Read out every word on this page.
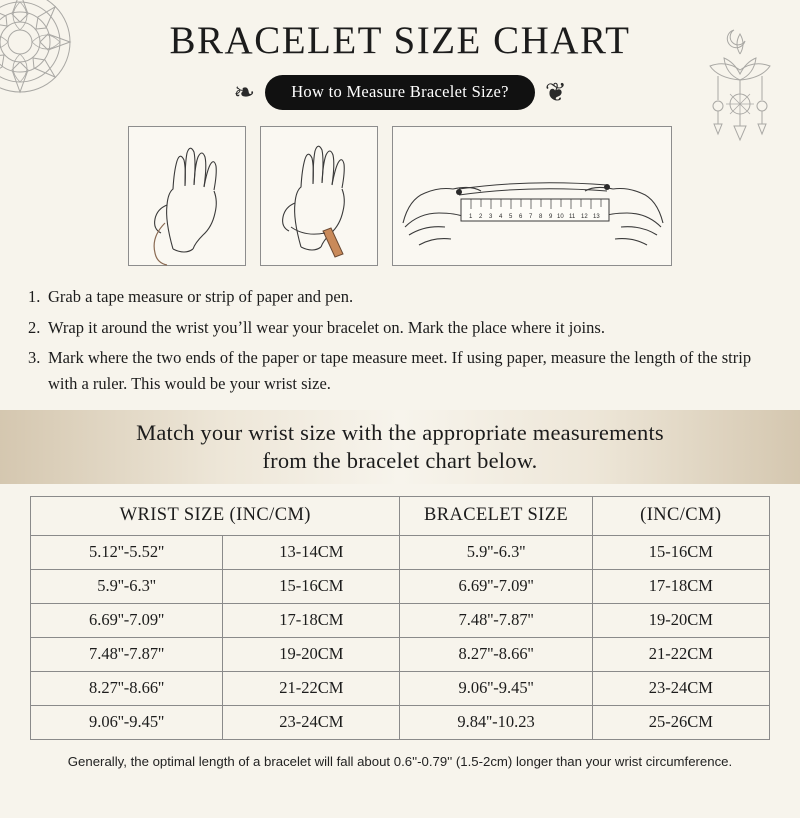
BRACELET SIZE CHART
❧	How to Measure Bracelet Size?	❦
1 2 3 4 5 6 7 8 9 10 11 12 13
1. Grab a tape measure or strip of paper and pen.
2. Wrap it around the wrist youʼll wear your bracelet on. Mark the place where it joins.
3. Mark where the two ends of the paper or tape measure meet. If using paper, measure the length of the strip with a ruler. This would be your wrist size.
Match your wrist size with the appropriate measurements
from the bracelet chart below.
WRIST SIZE (INC/CM)		BRACELET SIZE	(INC/CM)
5.12''-5.52''	13-14CM	5.9''-6.3''	15-16CM
5.9''-6.3''	15-16CM	6.69''-7.09''	17-18CM
6.69''-7.09''	17-18CM	7.48''-7.87''	19-20CM
7.48''-7.87''	19-20CM	8.27''-8.66''	21-22CM
8.27''-8.66''	21-22CM	9.06''-9.45''	23-24CM
9.06''-9.45''	23-24CM	9.84''-10.23	25-26CM
Generally, the optimal length of a bracelet will fall about 0.6''-0.79'' (1.5-2cm) longer than your wrist circumference.
